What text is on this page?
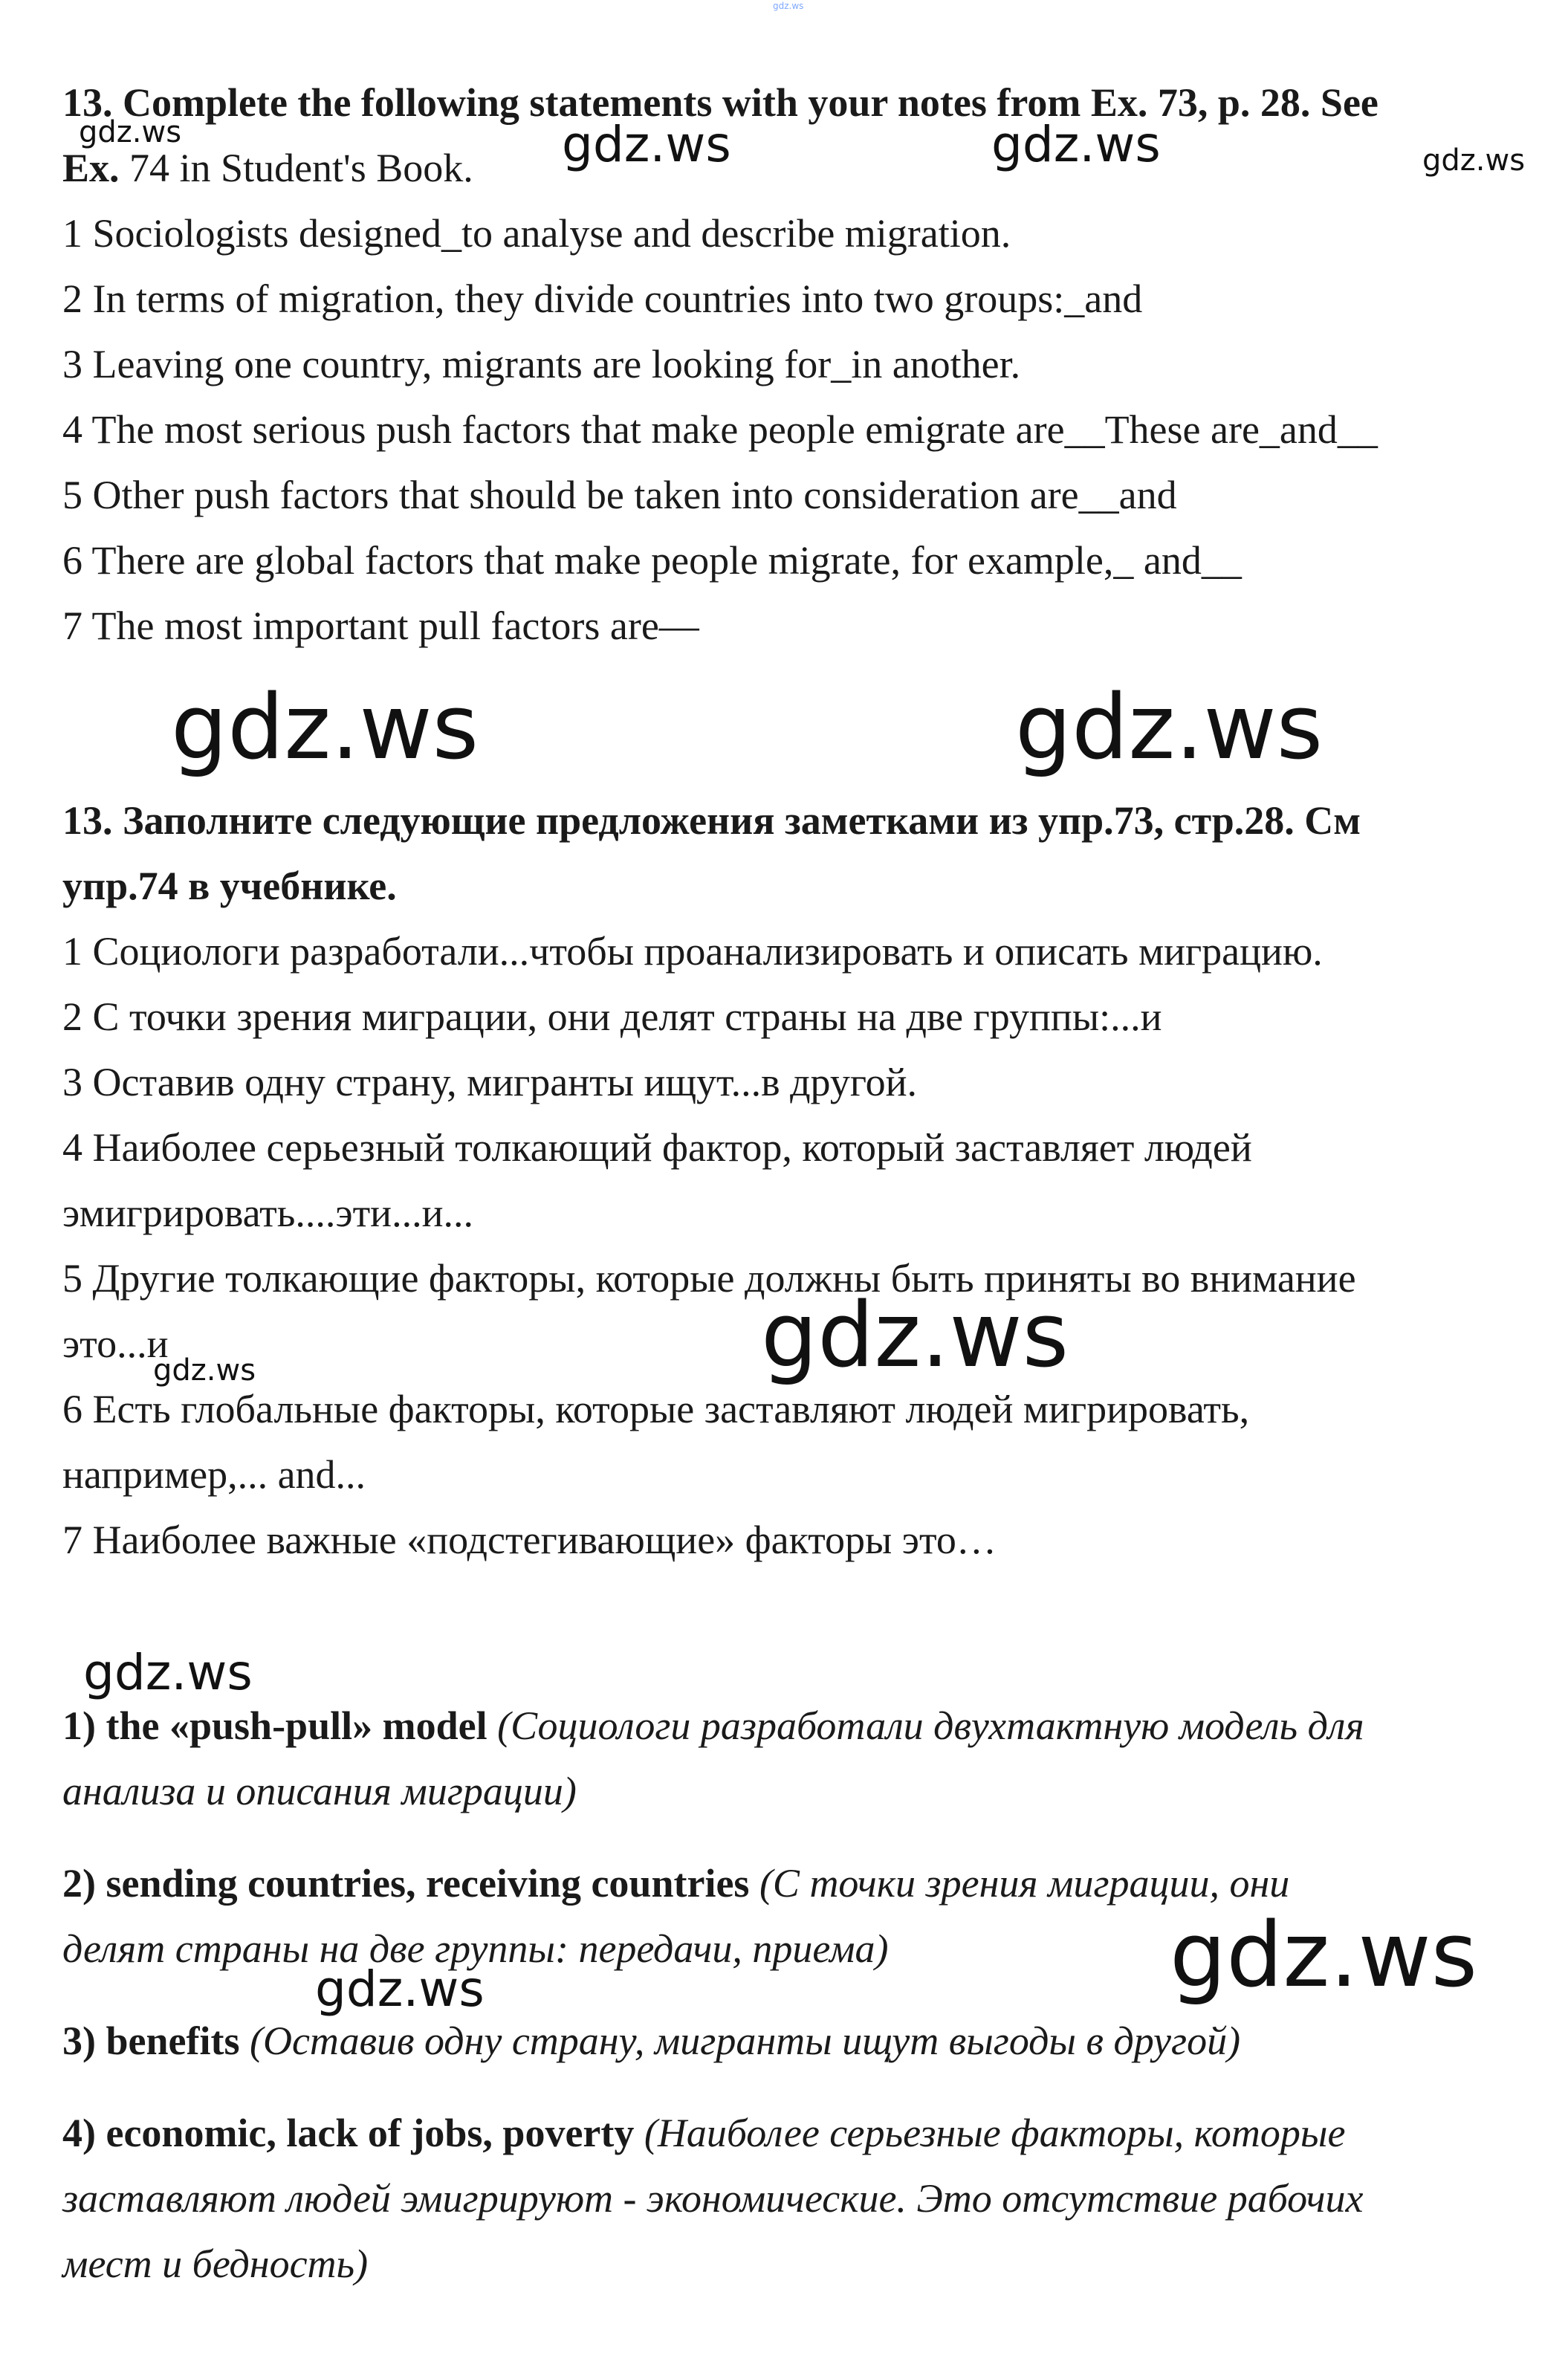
gdz.ws
13. Complete the following statements with your notes from Ex. 73, p. 28. See
Ex. 74 in Student's Book.
1 Sociologists designed_to analyse and describe migration.
2 In terms of migration, they divide countries into two groups:_and
3 Leaving one country, migrants are looking for_in another.
4 The most serious push factors that make people emigrate are__These are_and__
5 Other push factors that should be taken into consideration are__and
6 There are global factors that make people migrate, for example,_ and__
7 The most important pull factors are—
13. Заполните следующие предложения заметками из упр.73, стр.28. См
упр.74 в учебнике.
1 Социологи разработали...чтобы проанализировать и описать миграцию.
2 С точки зрения миграции, они делят страны на две группы:...и
3 Оставив одну страну, мигранты ищут...в другой.
4 Наиболее серьезный толкающий фактор, который заставляет людей
эмигрировать....эти...и...
5 Другие толкающие факторы, которые должны быть приняты во внимание
это...и
6 Есть глобальные факторы, которые заставляют людей мигрировать,
например,... and...
7 Наиболее важные «подстегивающие» факторы это…
1) the «push-pull» model (Социологи разработали двухтактную модель для
анализа и описания миграции)
2) sending countries, receiving countries (С точки зрения миграции, они
делят страны на две группы: передачи, приема)
3) benefits (Оставив одну страну, мигранты ищут выгоды в другой)
4) economic, lack of jobs, poverty (Наиболее серьезные факторы, которые
заставляют людей эмигрируют - экономические. Это отсутствие рабочих
мест и бедность)
gdz.ws	gdz.ws	gdz.ws	gdz.ws
gdz.ws	gdz.ws
gdz.ws
gdz.ws
gdz.ws
gdz.ws
gdz.ws
